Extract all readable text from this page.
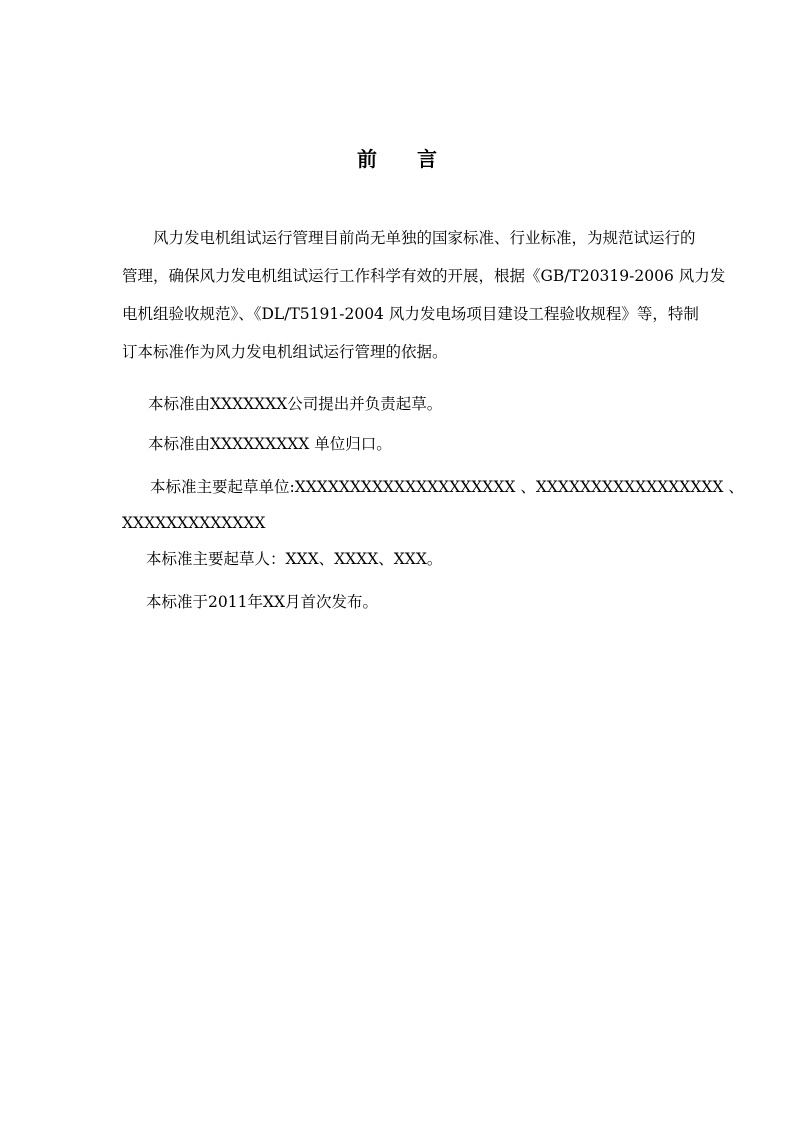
前言
风力发电机组试运行管理目前尚无单独的国家标准、行业标准，为规范试运行的
管理，确保风力发电机组试运行工作科学有效的开展，根据《GB/T20319-2006 风力发
电机组验收规范》、《DL/T5191-2004 风力发电场项目建设工程验收规程》等，特制
订本标准作为风力发电机组试运行管理的依据。
本标准由XXXXXXX公司提出并负责起草。
本标准由XXXXXXXXX 单位归口。
本标准主要起草单位:XXXXXXXXXXXXXXXXXXXX 、XXXXXXXXXXXXXXXXX 、
XXXXXXXXXXXXX
本标准主要起草人：XXX、XXXX、XXX。
本标准于2011年XX月首次发布。
